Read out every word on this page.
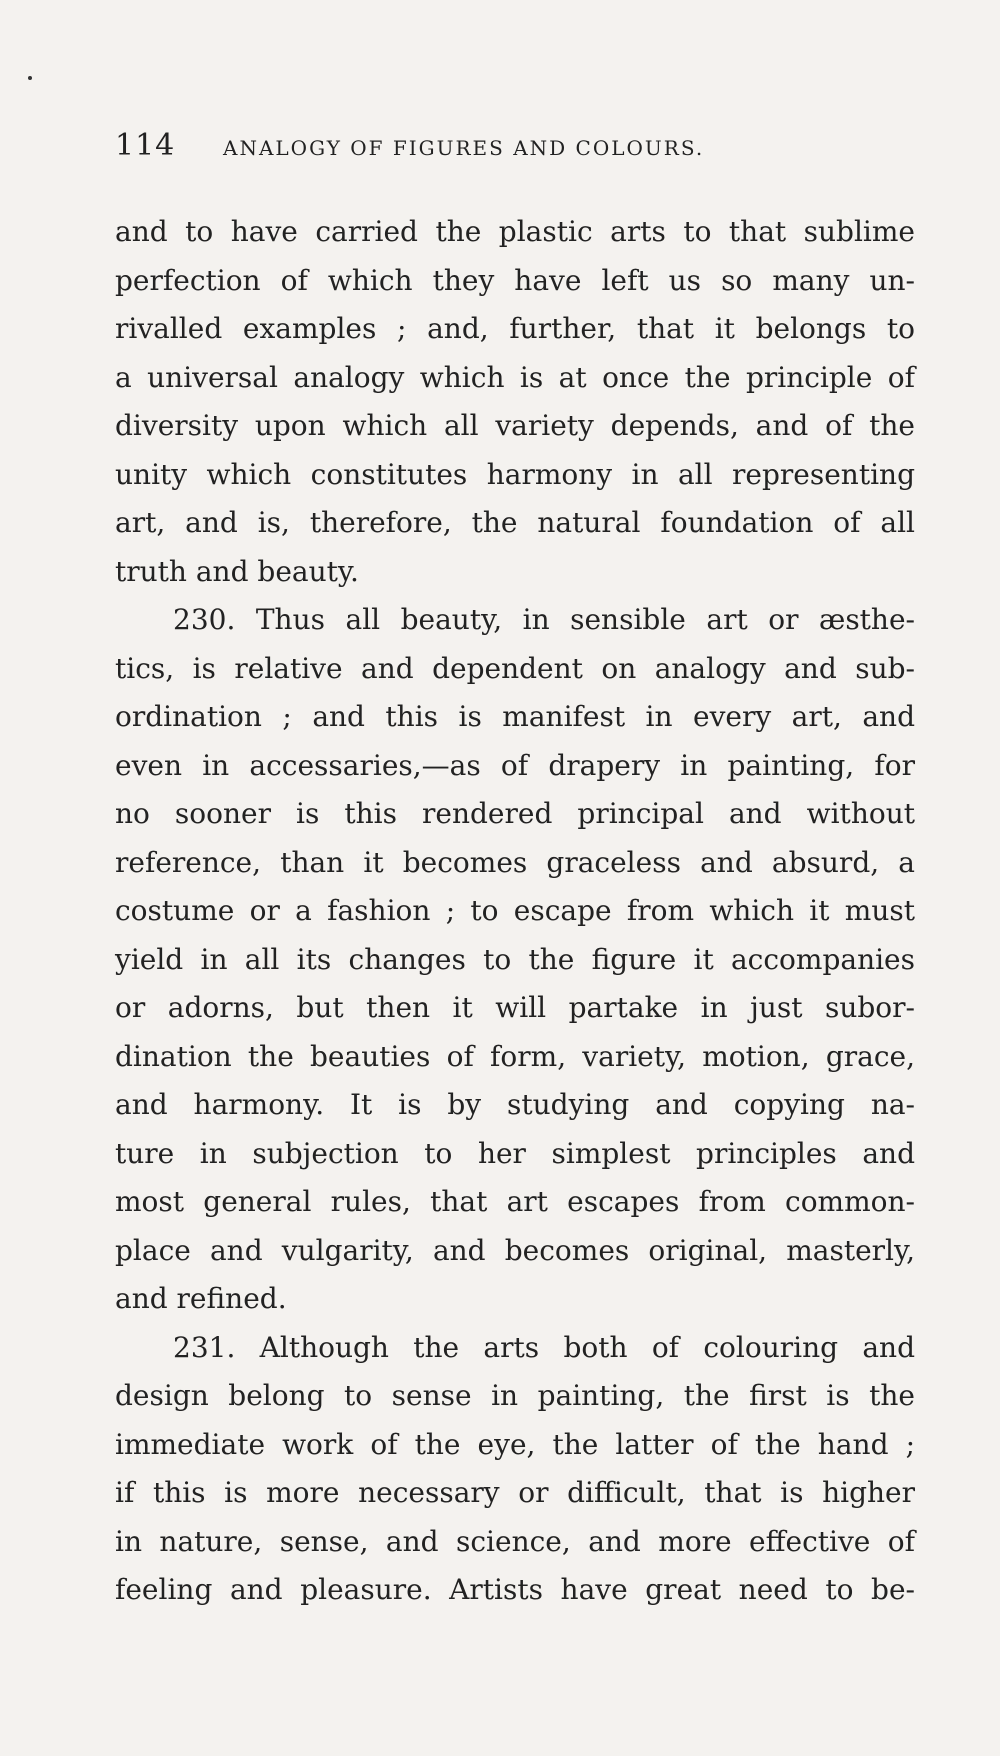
114	ANALOGY OF FIGURES AND COLOURS.
and to have carried the plastic arts to that sublime
perfection of which they have left us so many un-
rivalled examples ; and, further, that it belongs to
a universal analogy which is at once the principle of
diversity upon which all variety depends, and of the
unity which constitutes harmony in all representing
art, and is, therefore, the natural foundation of all
truth and beauty.
230. Thus all beauty, in sensible art or æsthe-
tics, is relative and dependent on analogy and sub-
ordination ; and this is manifest in every art, and
even in accessaries,—as of drapery in painting, for
no sooner is this rendered principal and without
reference, than it becomes graceless and absurd, a
costume or a fashion ; to escape from which it must
yield in all its changes to the figure it accompanies
or adorns, but then it will partake in just subor-
dination the beauties of form, variety, motion, grace,
and harmony. It is by studying and copying na-
ture in subjection to her simplest principles and
most general rules, that art escapes from common-
place and vulgarity, and becomes original, masterly,
and refined.
231. Although the arts both of colouring and
design belong to sense in painting, the first is the
immediate work of the eye, the latter of the hand ;
if this is more necessary or difficult, that is higher
in nature, sense, and science, and more effective of
feeling and pleasure. Artists have great need to be-
